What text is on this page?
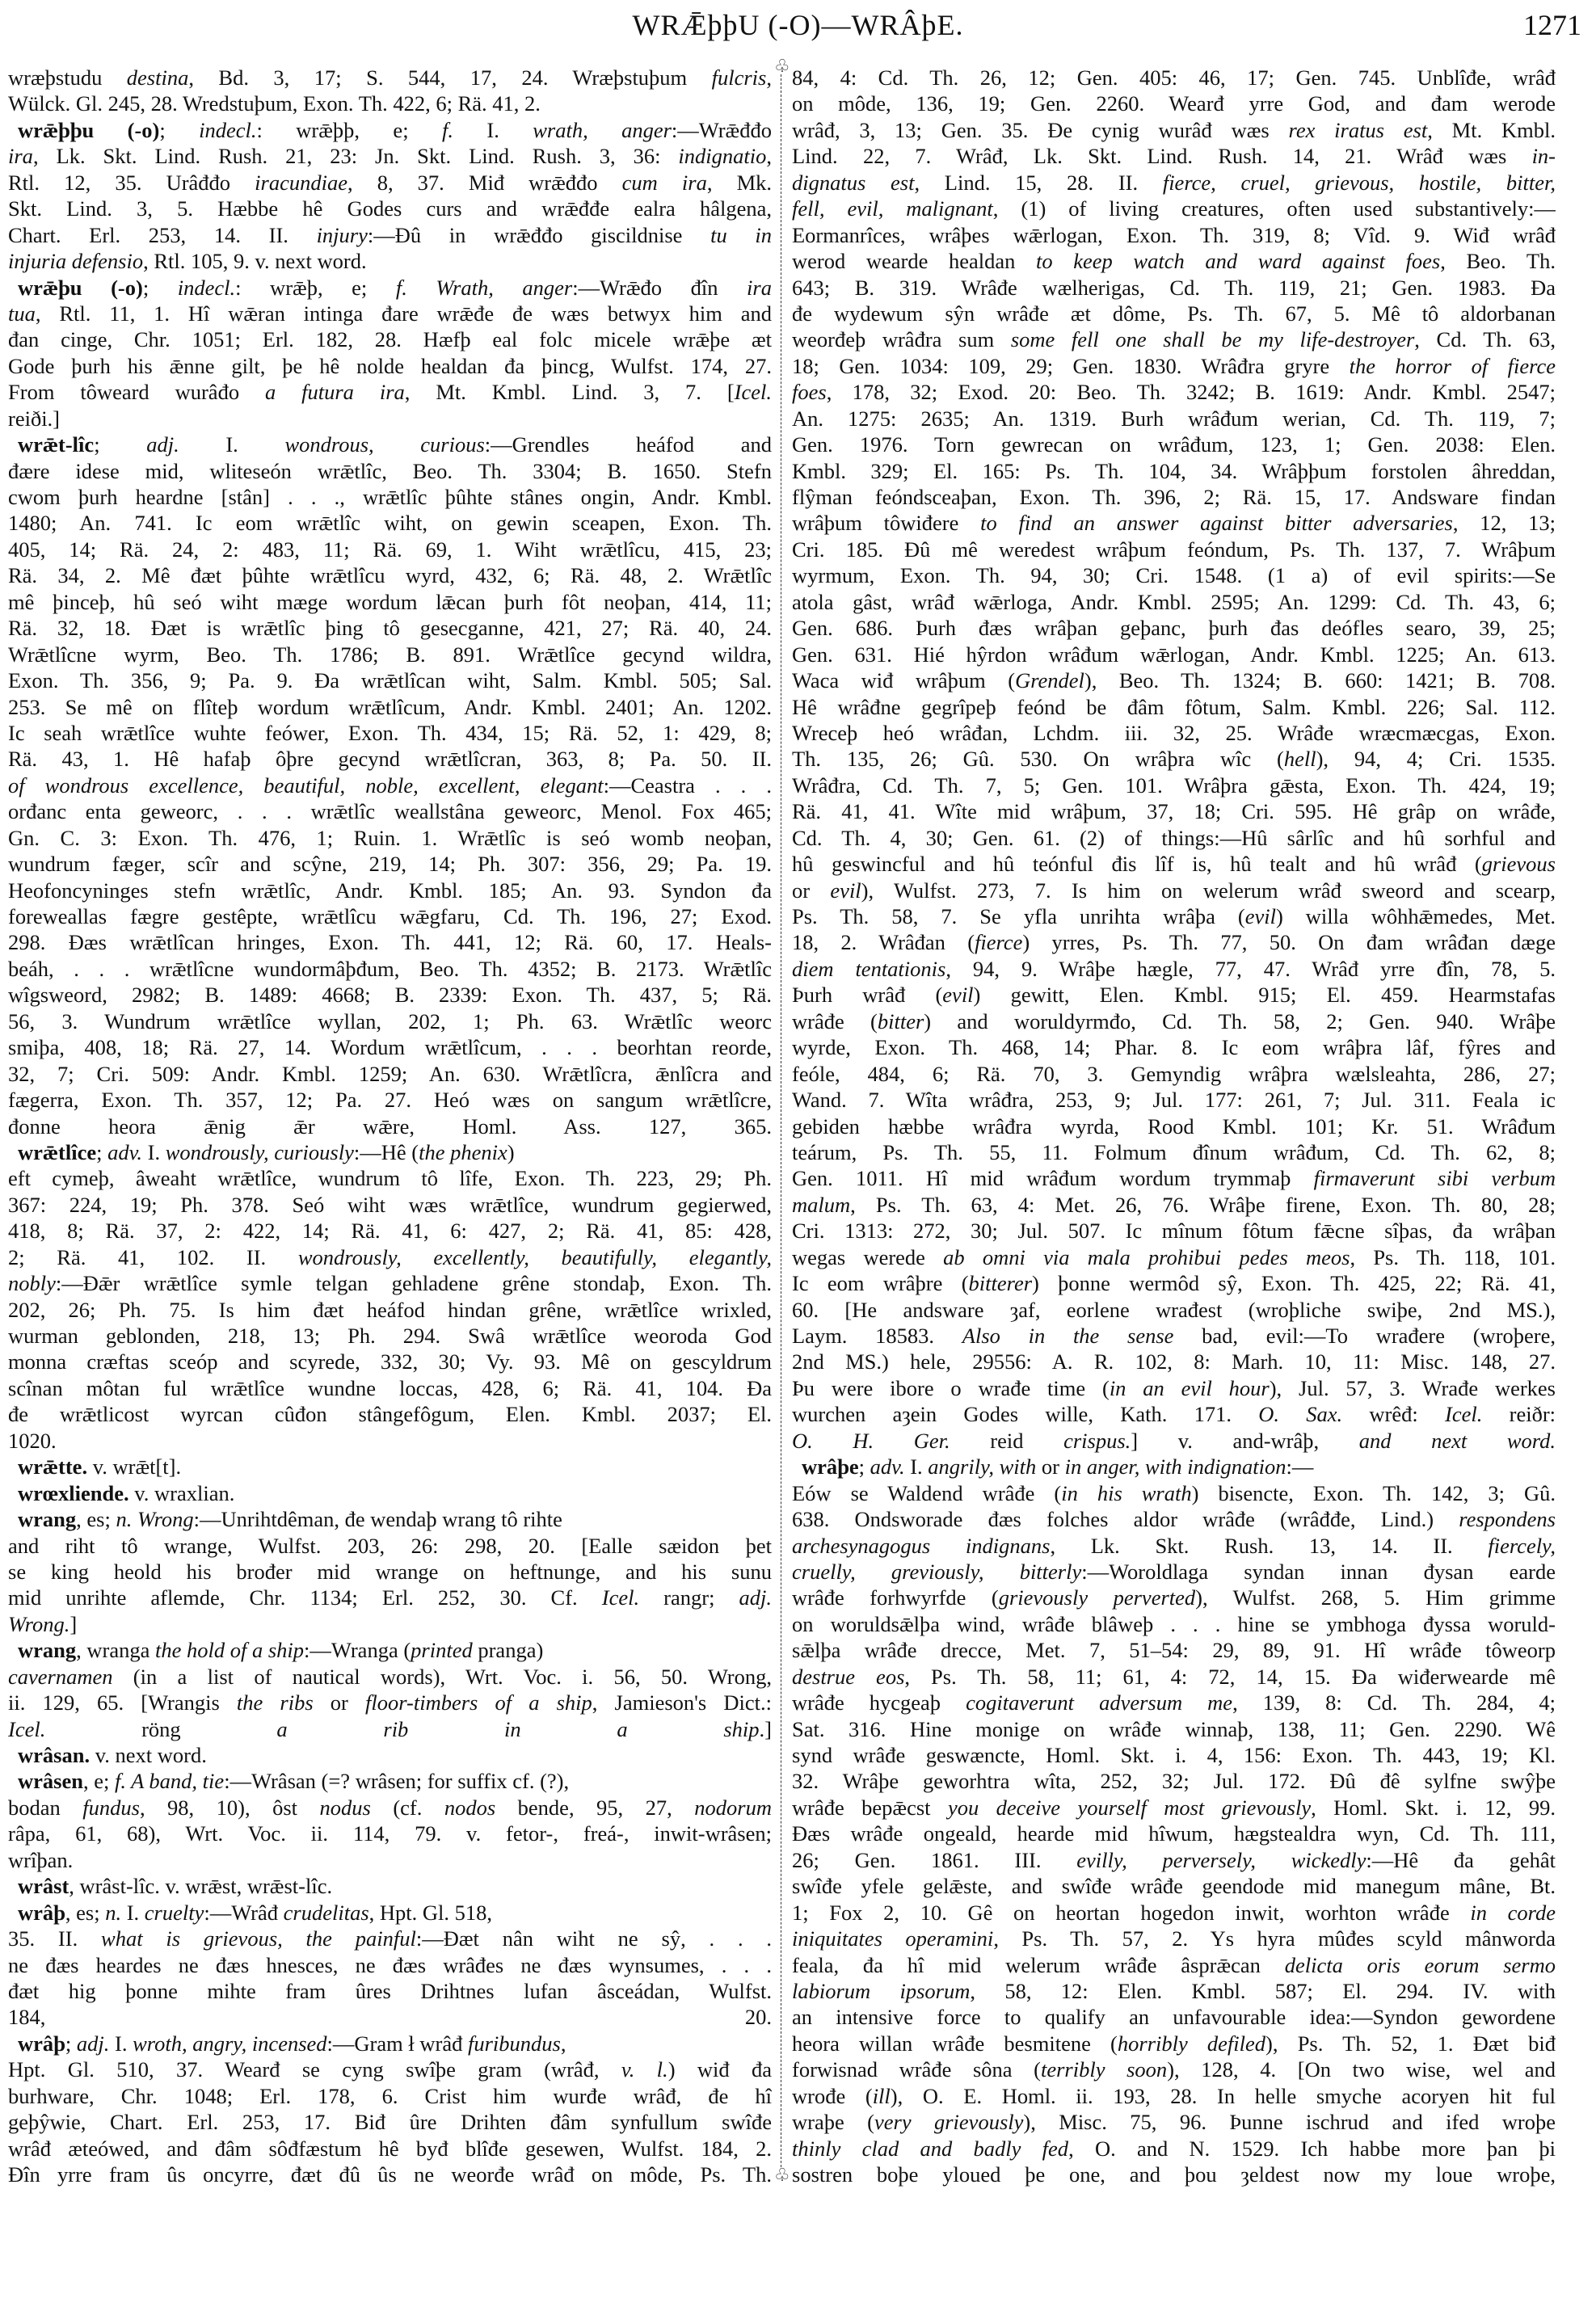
WRǢþþU (-O)—WRÂþE.	1271
♧
♧
wræþstudu destina, Bd. 3, 17; S. 544, 17, 24. Wræþstuþum fulcris,
Wülck. Gl. 245, 28. Wredstuþum, Exon. Th. 422, 6; Rä. 41, 2.
wrǣþþu (-o); indecl.: wrǣþþ, e; f. I. wrath, anger:—Wrǣđđo
ira, Lk. Skt. Lind. Rush. 21, 23: Jn. Skt. Lind. Rush. 3, 36: indignatio,
Rtl. 12, 35. Urâđđo iracundiae, 8, 37. Miđ wrǣđđo cum ira, Mk.
Skt. Lind. 3, 5. Hæbbe hê Godes curs and wrǣđđe ealra hâlgena,
Chart. Erl. 253, 14. II. injury:—Đû in wrǣđđo giscildnise tu in
injuria defensio, Rtl. 105, 9. v. next word.
wrǣþu (-o); indecl.: wrǣþ, e; f. Wrath, anger:—Wrǣđo đîn ira
tua, Rtl. 11, 1. Hî wǣran intinga đare wrǣđe đe wæs betwyx him and
đan cinge, Chr. 1051; Erl. 182, 28. Hæfþ eal folc micele wrǣþe æt
Gode þurh his ǣnne gilt, þe hê nolde healdan đa þincg, Wulfst. 174, 27.
From tôweard wurâđo a futura ira, Mt. Kmbl. Lind. 3, 7. [Icel.
reiði.]
wrǣt-lîc; adj. I. wondrous, curious:—Grendles heáfod and
đære idese mid, wliteseón wrǣtlîc, Beo. Th. 3304; B. 1650. Stefn
cwom þurh heardne [stân] . . ., wrǣtlîc þûhte stânes ongin, Andr. Kmbl.
1480; An. 741. Ic eom wrǣtlîc wiht, on gewin sceapen, Exon. Th.
405, 14; Rä. 24, 2: 483, 11; Rä. 69, 1. Wiht wrǣtlîcu, 415, 23;
Rä. 34, 2. Mê đæt þûhte wrǣtlîcu wyrd, 432, 6; Rä. 48, 2. Wrǣtlîc
mê þinceþ, hû seó wiht mæge wordum lǣcan þurh fôt neoþan, 414, 11;
Rä. 32, 18. Đæt is wrǣtlîc þing tô gesecganne, 421, 27; Rä. 40, 24.
Wrǣtlîcne wyrm, Beo. Th. 1786; B. 891. Wrǣtlîce gecynd wildra,
Exon. Th. 356, 9; Pa. 9. Đa wrǣtlîcan wiht, Salm. Kmbl. 505; Sal.
253. Se mê on flîteþ wordum wrǣtlîcum, Andr. Kmbl. 2401; An. 1202.
Ic seah wrǣtlîce wuhte feówer, Exon. Th. 434, 15; Rä. 52, 1: 429, 8;
Rä. 43, 1. Hê hafaþ ôþre gecynd wrǣtlîcran, 363, 8; Pa. 50. II.
of wondrous excellence, beautiful, noble, excellent, elegant:—Ceastra . . .
orđanc enta geweorc, . . . wrǣtlîc weallstâna geweorc, Menol. Fox 465;
Gn. C. 3: Exon. Th. 476, 1; Ruin. 1. Wrǣtlîc is seó womb neoþan,
wundrum fæger, scîr and scŷne, 219, 14; Ph. 307: 356, 29; Pa. 19.
Heofoncyninges stefn wrǣtlîc, Andr. Kmbl. 185; An. 93. Syndon đa
foreweallas fægre gestêpte, wrǣtlîcu wǣgfaru, Cd. Th. 196, 27; Exod.
298. Đæs wrǣtlîcan hringes, Exon. Th. 441, 12; Rä. 60, 17. Heals-
beáh, . . . wrǣtlîcne wundormâþđum, Beo. Th. 4352; B. 2173. Wrǣtlîc
wîgsweord, 2982; B. 1489: 4668; B. 2339: Exon. Th. 437, 5; Rä.
56, 3. Wundrum wrǣtlîce wyllan, 202, 1; Ph. 63. Wrǣtlîc weorc
smiþa, 408, 18; Rä. 27, 14. Wordum wrǣtlîcum, . . . beorhtan reorde,
32, 7; Cri. 509: Andr. Kmbl. 1259; An. 630. Wrǣtlîcra, ǣnlîcra and
fægerra, Exon. Th. 357, 12; Pa. 27. Heó wæs on sangum wrǣtlîcre,
đonne heora ǣnig ǣr wǣre, Homl. Ass. 127, 365.
wrǣtlîce; adv. I. wondrously, curiously:—Hê (the phenix)
eft cymeþ, âweaht wrǣtlîce, wundrum tô lîfe, Exon. Th. 223, 29; Ph.
367: 224, 19; Ph. 378. Seó wiht wæs wrǣtlîce, wundrum gegierwed,
418, 8; Rä. 37, 2: 422, 14; Rä. 41, 6: 427, 2; Rä. 41, 85: 428,
2; Rä. 41, 102. II. wondrously, excellently, beautifully, elegantly,
nobly:—Đǣr wrǣtlîce symle telgan gehladene grêne stondaþ, Exon. Th.
202, 26; Ph. 75. Is him đæt heáfod hindan grêne, wrǣtlîce wrixled,
wurman geblonden, 218, 13; Ph. 294. Swâ wrǣtlîce weoroda God
monna cræftas sceóp and scyrede, 332, 30; Vy. 93. Mê on gescyldrum
scînan môtan ful wrǣtlîce wundne loccas, 428, 6; Rä. 41, 104. Đa
đe wrǣtlicost wyrcan cûđon stângefôgum, Elen. Kmbl. 2037; El.
1020.
wrǣtte. v. wrǣt[t].
wrœxliende. v. wraxlian.
wrang, es; n. Wrong:—Unrihtdêman, đe wendaþ wrang tô rihte
and riht tô wrange, Wulfst. 203, 26: 298, 20. [Ealle sæidon þet
se king heold his brođer mid wrange on heftnunge, and his sunu
mid unrihte aflemde, Chr. 1134; Erl. 252, 30. Cf. Icel. rangr; adj.
Wrong.]
wrang, wranga the hold of a ship:—Wranga (printed pranga)
cavernamen (in a list of nautical words), Wrt. Voc. i. 56, 50. Wrong,
ii. 129, 65. [Wrangis the ribs or floor-timbers of a ship, Jamieson's Dict.:
Icel. röng a rib in a ship.]
wrâsan. v. next word.
wrâsen, e; f. A band, tie:—Wrâsan (=? wrâsen; for suffix cf. (?),
bodan fundus, 98, 10), ôst nodus (cf. nodos bende, 95, 27, nodorum
râpa, 61, 68), Wrt. Voc. ii. 114, 79. v. fetor-, freá-, inwit-wrâsen;
wrîþan.
wrâst, wrâst-lîc. v. wrǣst, wrǣst-lîc.
wrâþ, es; n. I. cruelty:—Wrâđ crudelitas, Hpt. Gl. 518,
35. II. what is grievous, the painful:—Đæt nân wiht ne sŷ, . . .
ne đæs heardes ne đæs hnesces, ne đæs wrâđes ne đæs wynsumes, . . .
đæt hig þonne mihte fram ûres Drihtnes lufan âsceádan, Wulfst.
184, 20.
wrâþ; adj. I. wroth, angry, incensed:—Gram ł wrâđ furibundus,
Hpt. Gl. 510, 37. Wearđ se cyng swîþe gram (wrâđ, v. l.) wiđ đa
burhware, Chr. 1048; Erl. 178, 6. Crist him wurđe wrâđ, đe hî
geþŷwie, Chart. Erl. 253, 17. Biđ ûre Drihten đâm synfullum swîđe
wrâđ æteówed, and đâm sôđfæstum hê byđ blîđe gesewen, Wulfst. 184, 2.
Đîn yrre fram ûs oncyrre, đæt đû ûs ne weorđe wrâđ on môde, Ps. Th.
84, 4: Cd. Th. 26, 12; Gen. 405: 46, 17; Gen. 745. Unblîđe, wrâđ
on môde, 136, 19; Gen. 2260. Wearđ yrre God, and đam werode
wrâđ, 3, 13; Gen. 35. Đe cynig wurâđ wæs rex iratus est, Mt. Kmbl.
Lind. 22, 7. Wrâđ, Lk. Skt. Lind. Rush. 14, 21. Wrâđ wæs in-
dignatus est, Lind. 15, 28. II. fierce, cruel, grievous, hostile, bitter,
fell, evil, malignant, (1) of living creatures, often used substantively:—
Eormanrîces, wrâþes wǣrlogan, Exon. Th. 319, 8; Vîd. 9. Wiđ wrâđ
werod wearde healdan to keep watch and ward against foes, Beo. Th.
643; B. 319. Wrâđe wælherigas, Cd. Th. 119, 21; Gen. 1983. Đa
đe wydewum sŷn wrâđe æt dôme, Ps. Th. 67, 5. Mê tô aldorbanan
weorđeþ wrâđra sum some fell one shall be my life-destroyer, Cd. Th. 63,
18; Gen. 1034: 109, 29; Gen. 1830. Wrâđra gryre the horror of fierce
foes, 178, 32; Exod. 20: Beo. Th. 3242; B. 1619: Andr. Kmbl. 2547;
An. 1275: 2635; An. 1319. Burh wrâđum werian, Cd. Th. 119, 7;
Gen. 1976. Torn gewrecan on wrâđum, 123, 1; Gen. 2038: Elen.
Kmbl. 329; El. 165: Ps. Th. 104, 34. Wrâþþum forstolen âhreddan,
flŷman feóndsceaþan, Exon. Th. 396, 2; Rä. 15, 17. Andsware findan
wrâþum tôwiđere to find an answer against bitter adversaries, 12, 13;
Cri. 185. Đû mê weredest wrâþum feóndum, Ps. Th. 137, 7. Wrâþum
wyrmum, Exon. Th. 94, 30; Cri. 1548. (1 a) of evil spirits:—Se
atola gâst, wrâđ wǣrloga, Andr. Kmbl. 2595; An. 1299: Cd. Th. 43, 6;
Gen. 686. Þurh đæs wrâþan geþanc, þurh đas deófles searo, 39, 25;
Gen. 631. Hié hŷrdon wrâđum wǣrlogan, Andr. Kmbl. 1225; An. 613.
Waca wiđ wrâþum (Grendel), Beo. Th. 1324; B. 660: 1421; B. 708.
Hê wrâđne gegrîpeþ feónd be đâm fôtum, Salm. Kmbl. 226; Sal. 112.
Wreceþ heó wrâđan, Lchdm. iii. 32, 25. Wrâđe wræcmæcgas, Exon.
Th. 135, 26; Gû. 530. On wrâþra wîc (hell), 94, 4; Cri. 1535.
Wrâđra, Cd. Th. 7, 5; Gen. 101. Wrâþra gǣsta, Exon. Th. 424, 19;
Rä. 41, 41. Wîte mid wrâþum, 37, 18; Cri. 595. Hê grâp on wrâđe,
Cd. Th. 4, 30; Gen. 61. (2) of things:—Hû sârlîc and hû sorhful and
hû geswincful and hû teónful đis lîf is, hû tealt and hû wrâđ (grievous
or evil), Wulfst. 273, 7. Is him on welerum wrâđ sweord and scearp,
Ps. Th. 58, 7. Se yfla unrihta wrâþa (evil) willa wôhhǣmedes, Met.
18, 2. Wrâđan (fierce) yrres, Ps. Th. 77, 50. On đam wrâđan dæge
diem tentationis, 94, 9. Wrâþe hægle, 77, 47. Wrâđ yrre đîn, 78, 5.
Þurh wrâđ (evil) gewitt, Elen. Kmbl. 915; El. 459. Hearmstafas
wrâđe (bitter) and woruldyrmđo, Cd. Th. 58, 2; Gen. 940. Wrâþe
wyrde, Exon. Th. 468, 14; Phar. 8. Ic eom wrâþra lâf, fŷres and
feóle, 484, 6; Rä. 70, 3. Gemyndig wrâþra wælsleahta, 286, 27;
Wand. 7. Wîta wrâđra, 253, 9; Jul. 177: 261, 7; Jul. 311. Feala ic
gebiden hæbbe wrâđra wyrda, Rood Kmbl. 101; Kr. 51. Wrâđum
teárum, Ps. Th. 55, 11. Folmum đînum wrâđum, Cd. Th. 62, 8;
Gen. 1011. Hî mid wrâđum wordum trymmaþ firmaverunt sibi verbum
malum, Ps. Th. 63, 4: Met. 26, 76. Wrâþe firene, Exon. Th. 80, 28;
Cri. 1313: 272, 30; Jul. 507. Ic mînum fôtum fǣcne sîþas, đa wrâþan
wegas werede ab omni via mala prohibui pedes meos, Ps. Th. 118, 101.
Ic eom wrâþre (bitterer) þonne wermôd sŷ, Exon. Th. 425, 22; Rä. 41,
60. [He andsware ȝaf, eorlene wrađest (wroþliche swiþe, 2nd MS.),
Laym. 18583. Also in the sense bad, evil:—To wrađere (wroþere,
2nd MS.) hele, 29556: A. R. 102, 8: Marh. 10, 11: Misc. 148, 27.
Þu were ibore o wrađe time (in an evil hour), Jul. 57, 3. Wrađe werkes
wurchen aȝein Godes wille, Kath. 171. O. Sax. wrêđ: Icel. reiðr:
O. H. Ger. reid crispus.] v. and-wrâþ, and next word.
wrâþe; adv. I. angrily, with or in anger, with indignation:—
Eów se Waldend wrâđe (in his wrath) bisencte, Exon. Th. 142, 3; Gû.
638. Ondsworade đæs folches aldor wrâđe (wrâđđe, Lind.) respondens
archesynagogus indignans, Lk. Skt. Rush. 13, 14. II. fiercely,
cruelly, greviously, bitterly:—Woroldlaga syndan innan đysan earde
wrâđe forhwyrfde (grievously perverted), Wulfst. 268, 5. Him grimme
on woruldsǣlþa wind, wrâđe blâweþ . . . hine se ymbhoga đyssa woruld-
sǣlþa wrâđe drecce, Met. 7, 51–54: 29, 89, 91. Hî wrâđe tôweorp
destrue eos, Ps. Th. 58, 11; 61, 4: 72, 14, 15. Đa wiđerwearde mê
wrâđe hycgeaþ cogitaverunt adversum me, 139, 8: Cd. Th. 284, 4;
Sat. 316. Hine monige on wrâđe winnaþ, 138, 11; Gen. 2290. Wê
synd wrâđe geswæncte, Homl. Skt. i. 4, 156: Exon. Th. 443, 19; Kl.
32. Wrâþe geworhtra wîta, 252, 32; Jul. 172. Đû đê sylfne swŷþe
wrâđe bepǣcst you deceive yourself most grievously, Homl. Skt. i. 12, 99.
Đæs wrâđe ongeald, hearde mid hîwum, hægstealdra wyn, Cd. Th. 111,
26; Gen. 1861. III. evilly, perversely, wickedly:—Hê đa gehât
swîđe yfele gelǣste, and swîđe wrâđe geendode mid manegum mâne, Bt.
1; Fox 2, 10. Gê on heortan hogedon inwit, worhton wrâđe in corde
iniquitates operamini, Ps. Th. 57, 2. Ys hyra mûđes scyld mânworda
feala, đa hî mid welerum wrâđe âsprǣcan delicta oris eorum sermo
labiorum ipsorum, 58, 12: Elen. Kmbl. 587; El. 294. IV. with
an intensive force to qualify an unfavourable idea:—Syndon gewordene
heora willan wrâđe besmitene (horribly defiled), Ps. Th. 52, 1. Đæt biđ
forwisnad wrâđe sôna (terribly soon), 128, 4. [On two wise, wel and
wrođe (ill), O. E. Homl. ii. 193, 28. In helle smyche acoryen hit ful
wraþe (very grievously), Misc. 75, 96. Þunne ischrud and ifed wroþe
thinly clad and badly fed, O. and N. 1529. Ich habbe more þan þi
sostren boþe yloued þe one, and þou ȝeldest now my loue wroþe,
